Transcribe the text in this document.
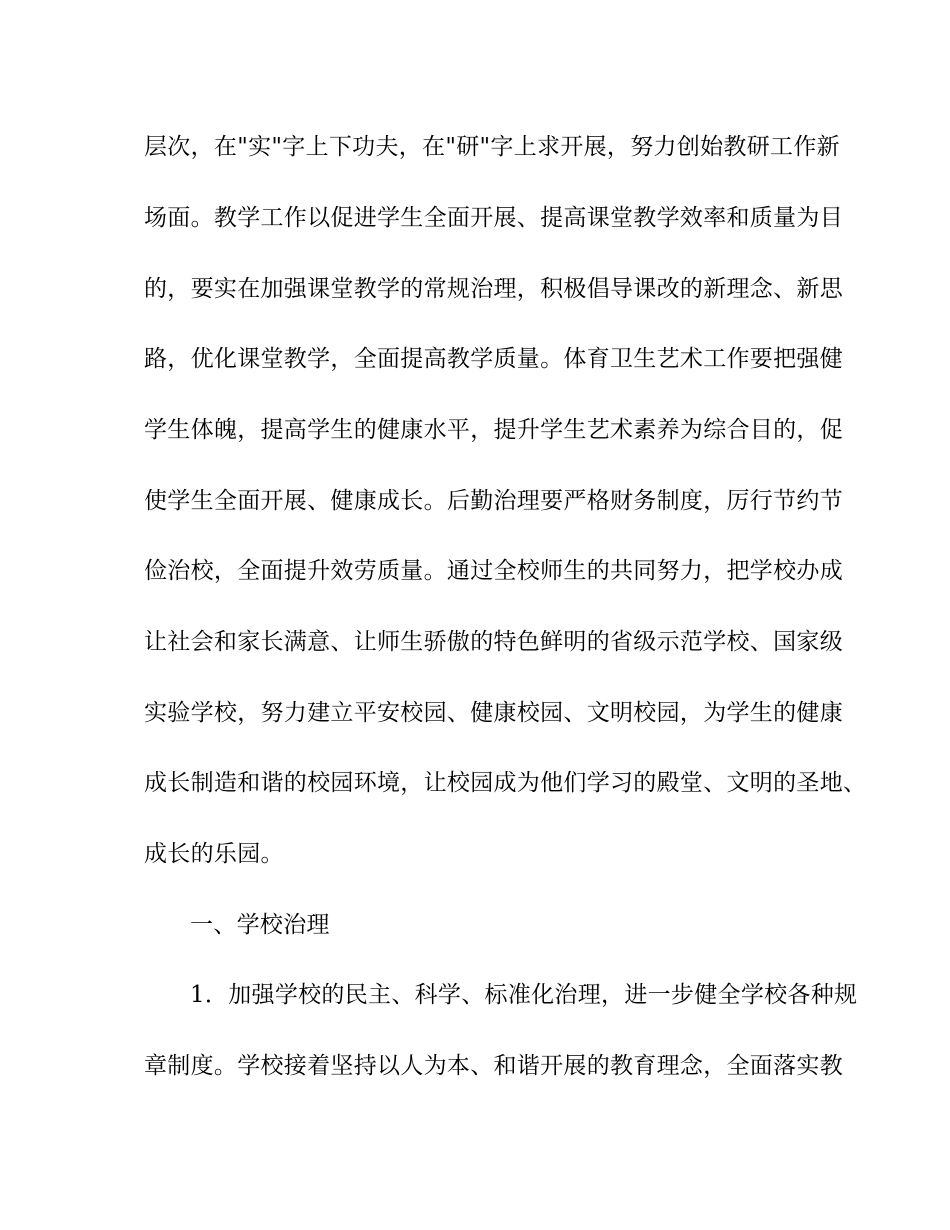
层次，在"实"字上下功夫，在"研"字上求开展，努力创始教研工作新
场面。教学工作以促进学生全面开展、提高课堂教学效率和质量为目
的，要实在加强课堂教学的常规治理，积极倡导课改的新理念、新思
路，优化课堂教学，全面提高教学质量。体育卫生艺术工作要把强健
学生体魄，提高学生的健康水平，提升学生艺术素养为综合目的，促
使学生全面开展、健康成长。后勤治理要严格财务制度，厉行节约节
俭治校，全面提升效劳质量。通过全校师生的共同努力，把学校办成
让社会和家长满意、让师生骄傲的特色鲜明的省级示范学校、国家级
实验学校，努力建立平安校园、健康校园、文明校园，为学生的健康
成长制造和谐的校园环境，让校园成为他们学习的殿堂、文明的圣地、
成长的乐园。
一、学校治理
1．加强学校的民主、科学、标准化治理，进一步健全学校各种规
章制度。学校接着坚持以人为本、和谐开展的教育理念，全面落实教
